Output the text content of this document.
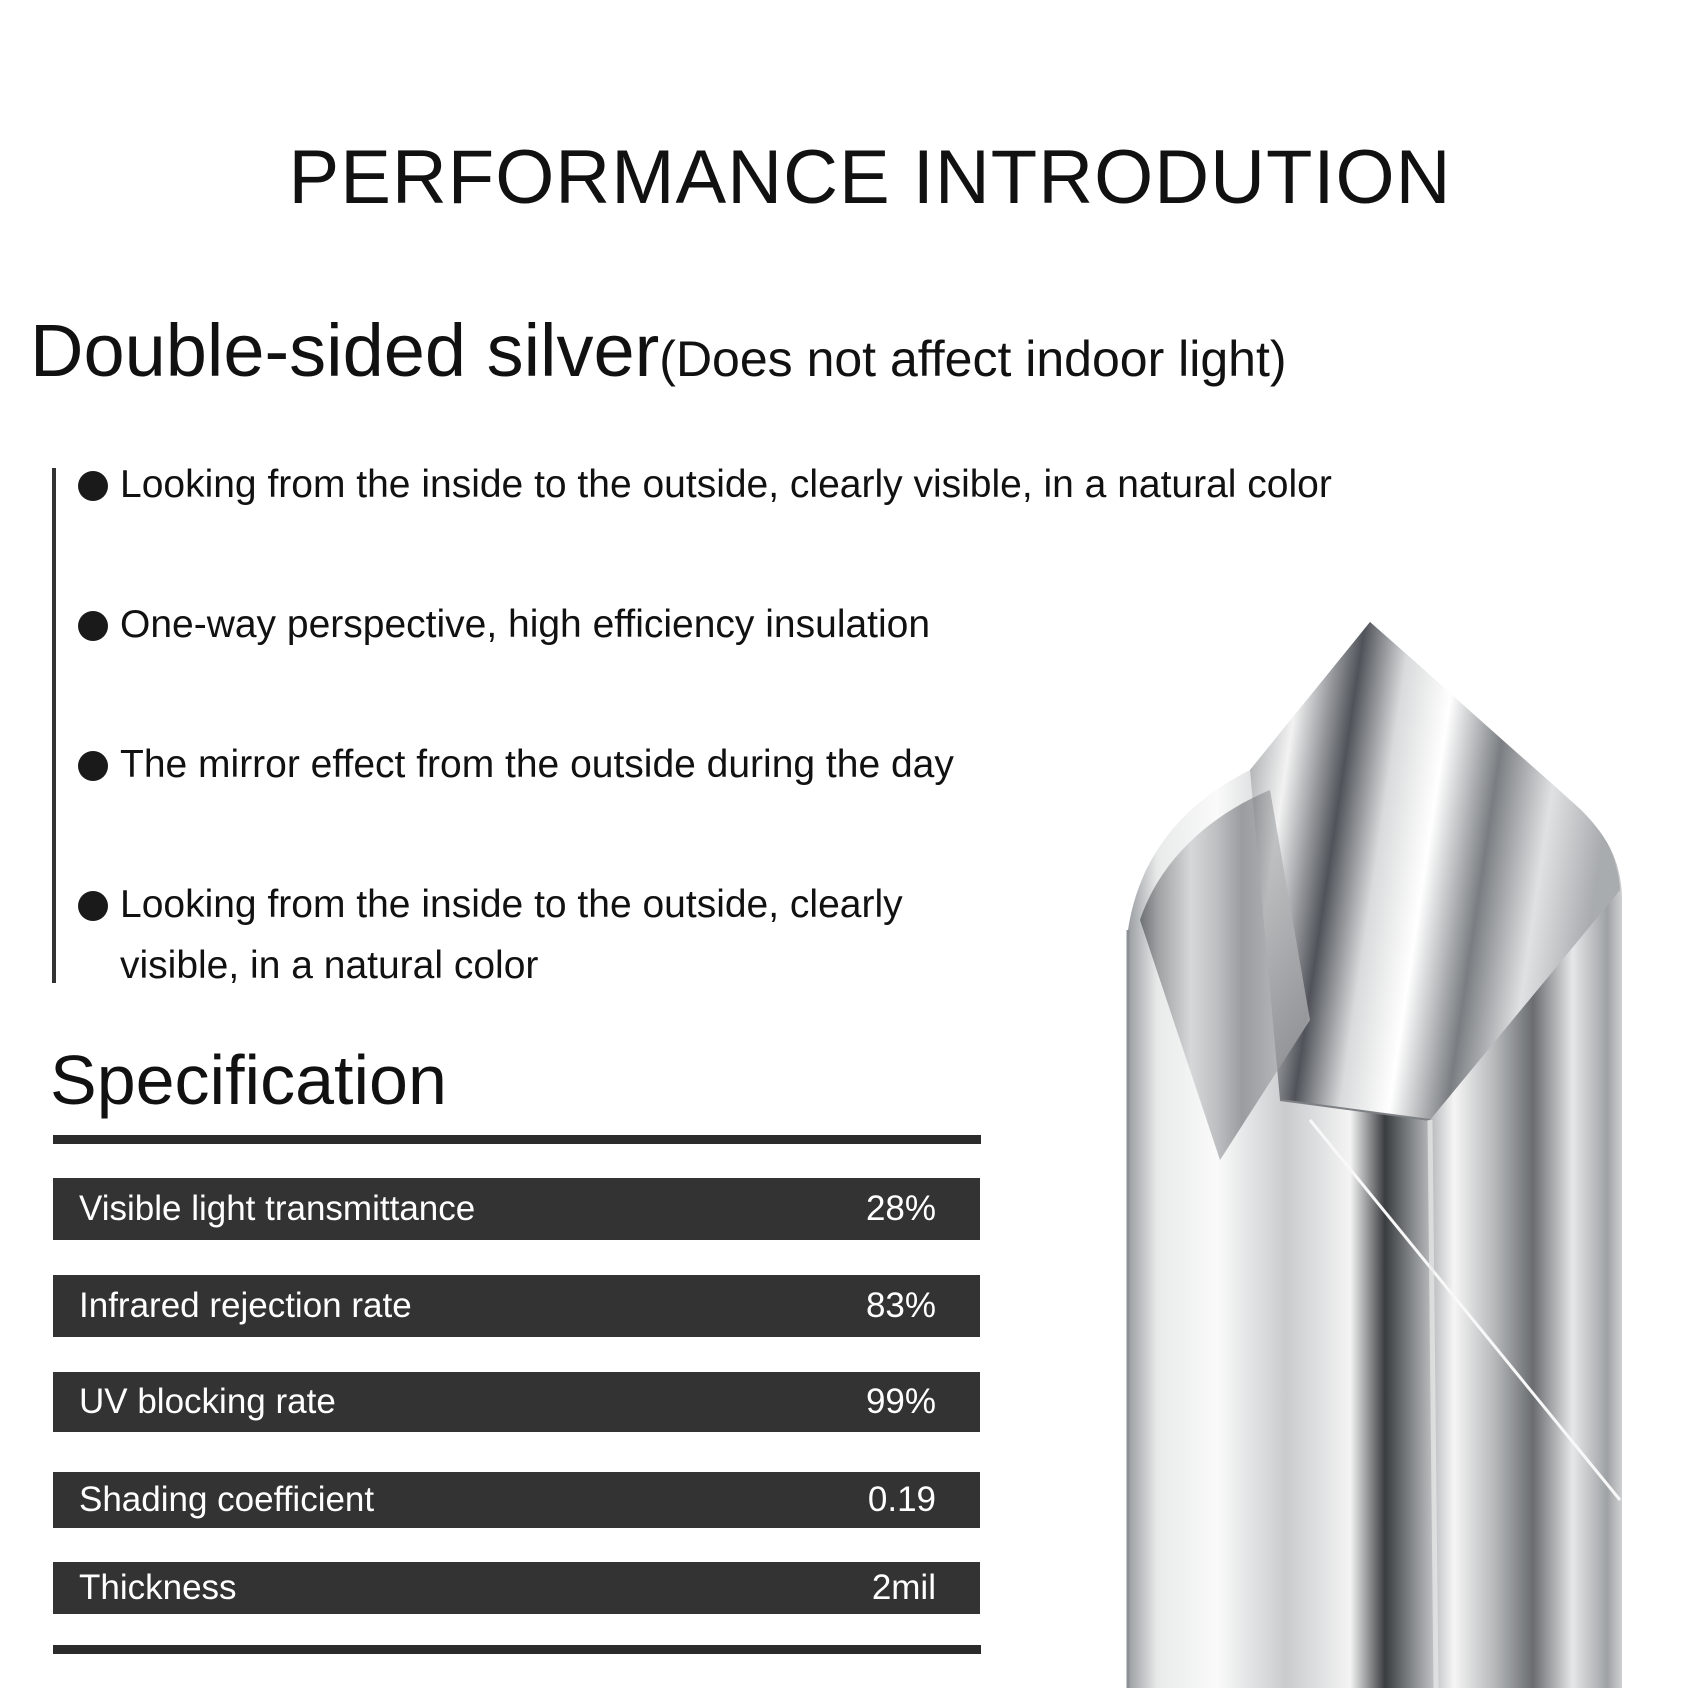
PERFORMANCE INTRODUTION
Double-sided silver(Does not affect indoor light)
Looking from the inside to the outside, clearly visible, in a natural color
One-way perspective, high efficiency insulation
The mirror effect from the outside during the day
Looking from the inside to the outside, clearly visible, in a natural color
Specification
Visible light transmittance	28%
Infrared rejection rate	83%
UV blocking rate	99%
Shading coefficient	0.19
Thickness	2mil
